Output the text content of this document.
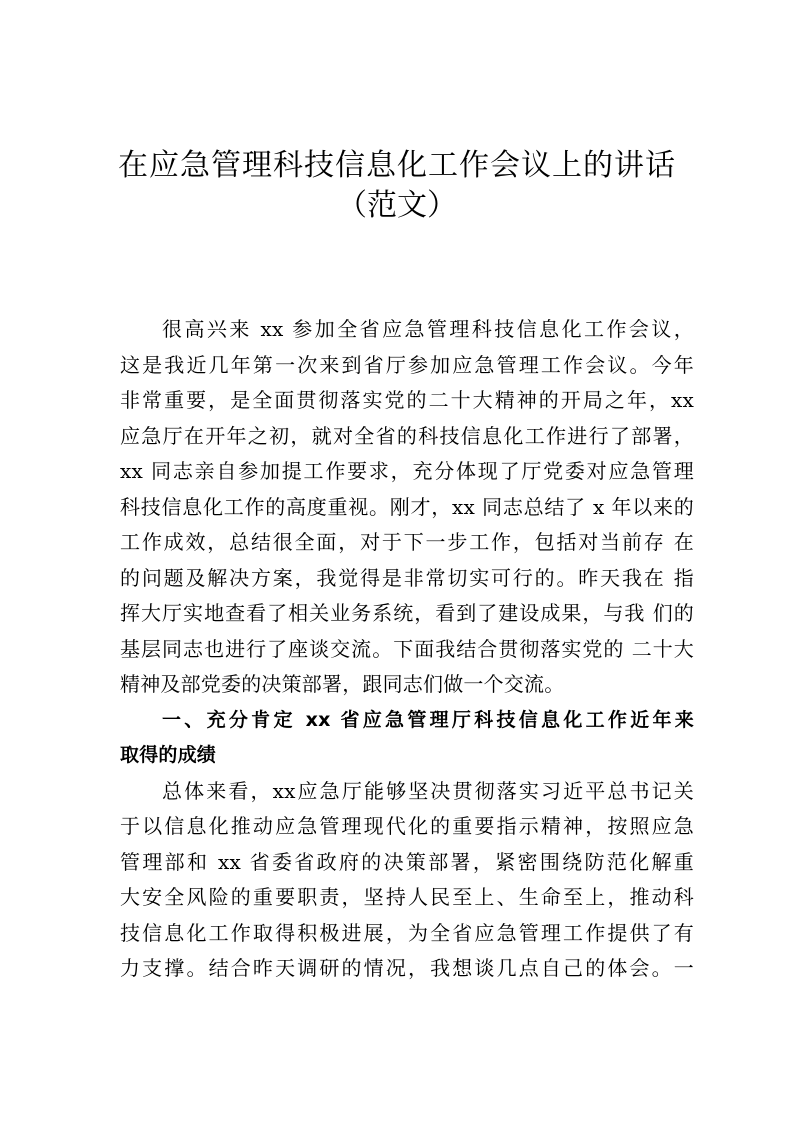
在应急管理科技信息化工作会议上的讲话
（范文）
很高兴来 xx 参加全省应急管理科技信息化工作会议，
这是我近几年第一次来到省厅参加应急管理工作会议。今年
非常重要，是全面贯彻落实党的二十大精神的开局之年，xx
应急厅在开年之初，就对全省的科技信息化工作进行了部署，
xx 同志亲自参加提工作要求，充分体现了厅党委对应急管理
科技信息化工作的高度重视。刚才，xx 同志总结了 x 年以来的
工作成效，总结很全面，对于下一步工作，包括对当前存 在
的问题及解决方案，我觉得是非常切实可行的。昨天我在 指
挥大厅实地查看了相关业务系统，看到了建设成果，与我 们的
基层同志也进行了座谈交流。下面我结合贯彻落实党的 二十大
精神及部党委的决策部署，跟同志们做一个交流。
一、充分肯定 xx 省应急管理厅科技信息化工作近年来
取得的成绩
总体来看，xx应急厅能够坚决贯彻落实习近平总书记关
于以信息化推动应急管理现代化的重要指示精神，按照应急
管理部和 xx 省委省政府的决策部署，紧密围绕防范化解重
大安全风险的重要职责，坚持人民至上、生命至上，推动科
技信息化工作取得积极进展，为全省应急管理工作提供了有
力支撑。结合昨天调研的情况，我想谈几点自己的体会。一
